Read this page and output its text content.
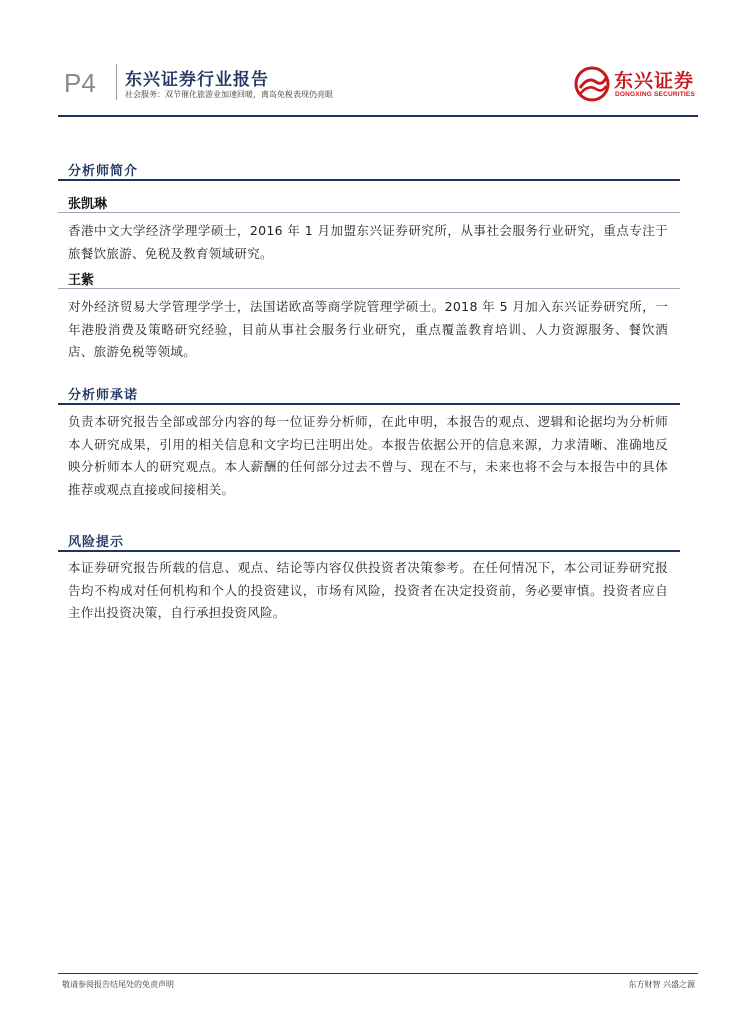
P4 东兴证券行业报告
社会服务：双节催化旅游业加速回暖，离岛免税表现仍亮眼
东兴证券
DONGXING SECURITIES
分析师简介
张凯琳
香港中文大学经济学理学硕士，2016 年 1 月加盟东兴证券研究所，从事社会服务行业研究，重点专注于旅餐饮旅游、免税及教育领域研究。
王紫
对外经济贸易大学管理学学士，法国诺欧高等商学院管理学硕士。2018 年 5 月加入东兴证券研究所，一年港股消费及策略研究经验，目前从事社会服务行业研究，重点覆盖教育培训、人力资源服务、餐饮酒店、旅游免税等领域。
分析师承诺
负责本研究报告全部或部分内容的每一位证券分析师，在此申明，本报告的观点、逻辑和论据均为分析师本人研究成果，引用的相关信息和文字均已注明出处。本报告依据公开的信息来源，力求清晰、准确地反映分析师本人的研究观点。本人薪酬的任何部分过去不曾与、现在不与，未来也将不会与本报告中的具体推荐或观点直接或间接相关。
风险提示
本证券研究报告所载的信息、观点、结论等内容仅供投资者决策参考。在任何情况下，本公司证券研究报告均不构成对任何机构和个人的投资建议，市场有风险，投资者在决定投资前，务必要审慎。投资者应自主作出投资决策，自行承担投资风险。
敬请参阅报告结尾处的免责声明	东方财智 兴盛之源
